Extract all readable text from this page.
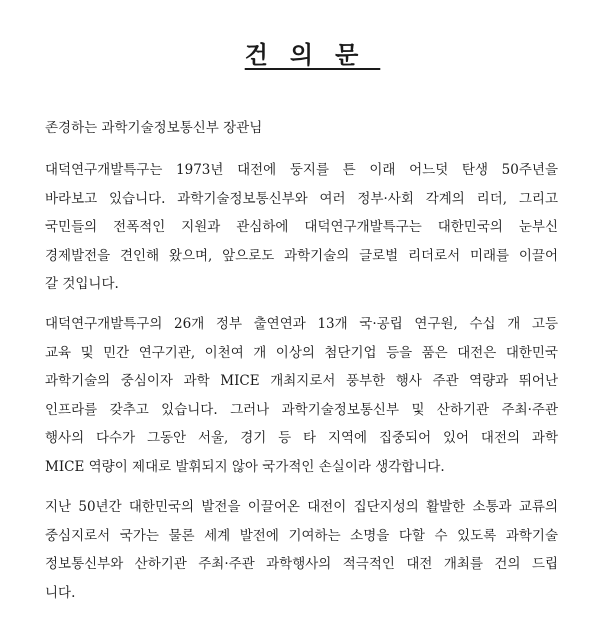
건의문
존경하는 과학기술정보통신부 장관님

대덕연구개발특구는 1973년 대전에 둥지를 튼 이래 어느덧 탄생 50주년을
바라보고 있습니다. 과학기술정보통신부와 여러 정부·사회 각계의 리더, 그리고
국민들의 전폭적인 지원과 관심하에 대덕연구개발특구는 대한민국의 눈부신
경제발전을 견인해 왔으며, 앞으로도 과학기술의 글로벌 리더로서 미래를 이끌어
갈 것입니다.

대덕연구개발특구의 26개 정부 출연연과 13개 국·공립 연구원, 수십 개 고등
교육 및 민간 연구기관, 이천여 개 이상의 첨단기업 등을 품은 대전은 대한민국
과학기술의 중심이자 과학 MICE 개최지로서 풍부한 행사 주관 역량과 뛰어난
인프라를 갖추고 있습니다. 그러나 과학기술정보통신부 및 산하기관 주최·주관
행사의 다수가 그동안 서울, 경기 등 타 지역에 집중되어 있어 대전의 과학
MICE 역량이 제대로 발휘되지 않아 국가적인 손실이라 생각합니다.

지난 50년간 대한민국의 발전을 이끌어온 대전이 집단지성의 활발한 소통과 교류의
중심지로서 국가는 물론 세계 발전에 기여하는 소명을 다할 수 있도록 과학기술
정보통신부와 산하기관 주최·주관 과학행사의 적극적인 대전 개최를 건의 드립
니다.
